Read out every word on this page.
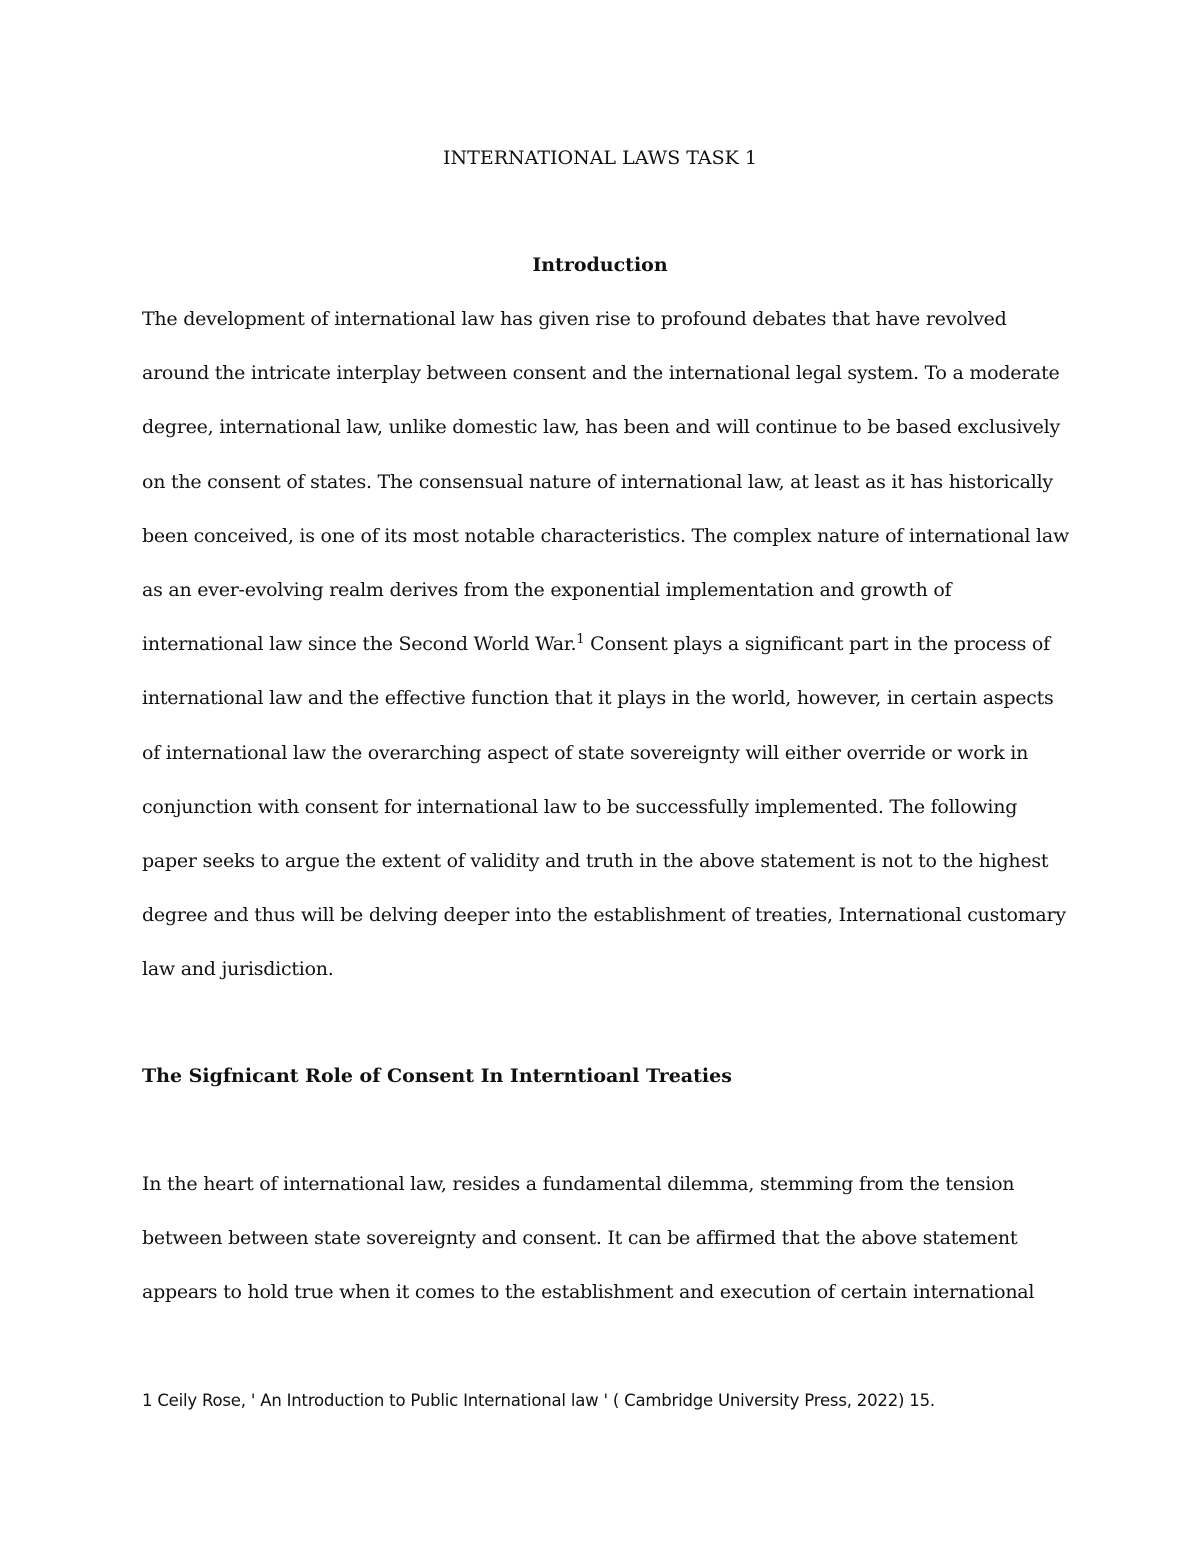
INTERNATIONAL LAWS TASK 1
Introduction

The development of international law has given rise to profound debates that have revolved around the intricate interplay between consent and the international legal system. To a moderate degree, international law, unlike domestic law, has been and will continue to be based exclusively on the consent of states. The consensual nature of international law, at least as it has historically been conceived, is one of its most notable characteristics. The complex nature of international law as an ever-evolving realm derives from the exponential implementation and growth of international law since the Second World War.$^1$ Consent plays a significant part in the process of international law and the effective function that it plays in the world, however, in certain aspects of international law the overarching aspect of state sovereignty will either override or work in conjunction with consent for international law to be successfully implemented. The following paper seeks to argue the extent of validity and truth in the above statement is not to the highest degree and thus will be delving deeper into the establishment of treaties, International customary law and jurisdiction.

The Sigfnicant Role of Consent In Interntioanl Treaties

In the heart of international law, resides a fundamental dilemma, stemming from the tension between between state sovereignty and consent. It can be affirmed that the above statement appears to hold true when it comes to the establishment and execution of certain international

1 Ceily Rose, ' An Introduction to Public International law ' ( Cambridge University Press, 2022) 15.
